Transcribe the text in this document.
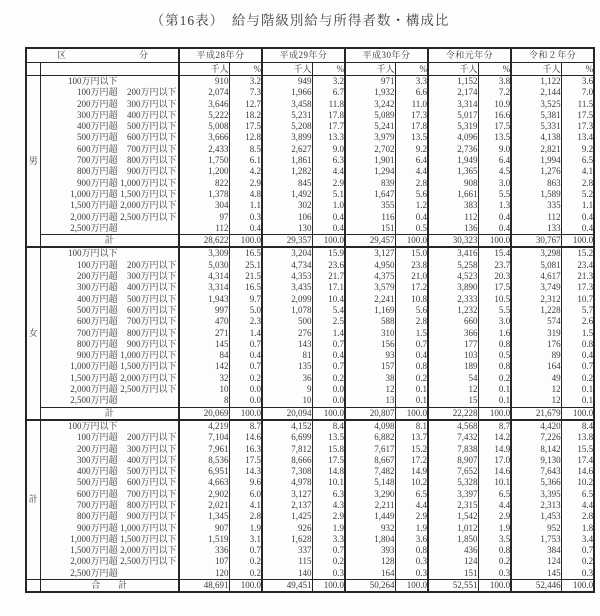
（第16表）　給与階級別給与所得者数・構成比
区 分		平成28年分		平成29年分		平成30年分		令和元年分		令和２年分	
		千人	%	千人	%	千人	%	千人	%	千人	%
男	100万円以下	910	3.2	949	3.2	971	3.3	1,152	3.8	1,122	3.6
	100万円超 200万円以下	2,074	7.3	1,966	6.7	1,932	6.6	2,174	7.2	2,144	7.0
	200万円超 300万円以下	3,646	12.7	3,458	11.8	3,242	11.0	3,314	10.9	3,525	11.5
	300万円超 400万円以下	5,222	18.2	5,231	17.8	5,089	17.3	5,017	16.6	5,381	17.5
	400万円超 500万円以下	5,008	17.5	5,208	17.7	5,241	17.8	5,319	17.5	5,331	17.3
	500万円超 600万円以下	3,666	12.8	3,899	13.3	3,979	13.5	4,096	13.5	4,138	13.4
	600万円超 700万円以下	2,433	8.5	2,627	9.0	2,702	9.2	2,736	9.0	2,821	9.2
	700万円超 800万円以下	1,750	6.1	1,861	6.3	1,901	6.4	1,949	6.4	1,994	6.5
	800万円超 900万円以下	1,200	4.2	1,282	4.4	1,294	4.4	1,365	4.5	1,276	4.1
	900万円超 1,000万円以下	822	2.9	845	2.9	839	2.8	908	3.0	863	2.8
	1,000万円超 1,500万円以下	1,378	4.8	1,492	5.1	1,647	5.6	1,661	5.5	1,589	5.2
	1,500万円超 2,000万円以下	304	1.1	302	1.0	355	1.2	383	1.3	335	1.1
	2,000万円超 2,500万円以下	97	0.3	106	0.4	116	0.4	112	0.4	112	0.4
	2,500万円超	112	0.4	130	0.4	151	0.5	136	0.4	133	0.4
	計	28,622	100.0	29,357	100.0	29,457	100.0	30,323	100.0	30,767	100.0
女	100万円以下	3,309	16.5	3,204	15.9	3,127	15.0	3,416	15.4	3,298	15.2
	100万円超 200万円以下	5,030	25.1	4,734	23.6	4,950	23.8	5,258	23.7	5,081	23.4
	200万円超 300万円以下	4,314	21.5	4,353	21.7	4,375	21.0	4,523	20.3	4,617	21.3
	300万円超 400万円以下	3,314	16.5	3,435	17.1	3,579	17.2	3,890	17.5	3,749	17.3
	400万円超 500万円以下	1,943	9.7	2,099	10.4	2,241	10.8	2,333	10.5	2,312	10.7
	500万円超 600万円以下	997	5.0	1,078	5.4	1,169	5.6	1,232	5.5	1,228	5.7
	600万円超 700万円以下	470	2.3	500	2.5	588	2.8	660	3.0	574	2.6
	700万円超 800万円以下	271	1.4	276	1.4	310	1.5	366	1.6	319	1.5
	800万円超 900万円以下	145	0.7	143	0.7	156	0.7	177	0.8	176	0.8
	900万円超 1,000万円以下	84	0.4	81	0.4	93	0.4	103	0.5	89	0.4
	1,000万円超 1,500万円以下	142	0.7	135	0.7	157	0.8	189	0.8	164	0.7
	1,500万円超 2,000万円以下	32	0.2	36	0.2	38	0.2	54	0.2	49	0.2
	2,000万円超 2,500万円以下	10	0.0	9	0.0	12	0.1	12	0.1	12	0.1
	2,500万円超	8	0.0	10	0.0	13	0.1	15	0.1	12	0.1
	計	20,069	100.0	20,094	100.0	20,807	100.0	22,228	100.0	21,679	100.0
計	100万円以下	4,219	8.7	4,152	8.4	4,098	8.1	4,568	8.7	4,420	8.4
	100万円超 200万円以下	7,104	14.6	6,699	13.5	6,882	13.7	7,432	14.2	7,226	13.8
	200万円超 300万円以下	7,961	16.3	7,812	15.8	7,617	15.2	7,838	14.9	8,142	15.5
	300万円超 400万円以下	8,536	17.5	8,666	17.5	8,667	17.2	8,907	17.0	9,130	17.4
	400万円超 500万円以下	6,951	14.3	7,308	14.8	7,482	14.9	7,652	14.6	7,643	14.6
	500万円超 600万円以下	4,663	9.6	4,978	10.1	5,148	10.2	5,328	10.1	5,366	10.2
	600万円超 700万円以下	2,902	6.0	3,127	6.3	3,290	6.5	3,397	6.5	3,395	6.5
	700万円超 800万円以下	2,021	4.1	2,137	4.3	2,211	4.4	2,315	4.4	2,313	4.4
	800万円超 900万円以下	1,345	2.8	1,425	2.9	1,449	2.9	1,542	2.9	1,453	2.8
	900万円超 1,000万円以下	907	1.9	926	1.9	932	1.9	1,012	1.9	952	1.8
	1,000万円超 1,500万円以下	1,519	3.1	1,628	3.3	1,804	3.6	1,850	3.5	1,753	3.4
	1,500万円超 2,000万円以下	336	0.7	337	0.7	393	0.8	436	0.8	384	0.7
	2,000万円超 2,500万円以下	107	0.2	115	0.2	128	0.3	124	0.2	124	0.2
	2,500万円超	120	0.2	140	0.3	164	0.3	151	0.3	145	0.3
	合　　計	48,691	100.0	49,451	100.0	50,264	100.0	52,551	100.0	52,446	100.0
